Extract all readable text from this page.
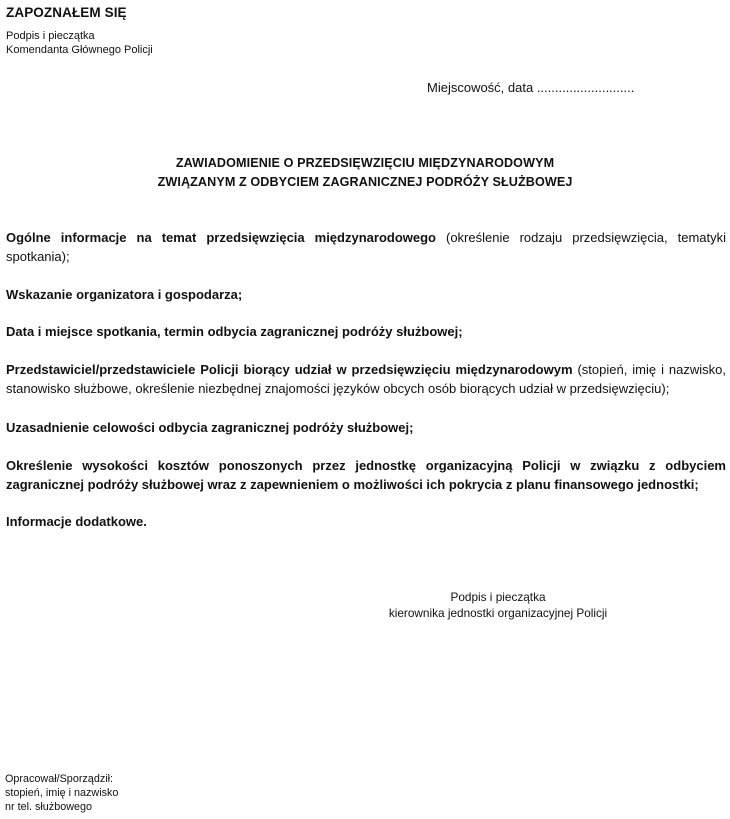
ZAPOZNAŁEM SIĘ
Podpis i pieczątka
Komendanta Głównego Policji
Miejscowość, data ...........................
ZAWIADOMIENIE O PRZEDSIĘWZIĘCIU MIĘDZYNARODOWYM
ZWIĄZANYM Z ODBYCIEM ZAGRANICZNEJ PODRÓŻY SŁUŻBOWEJ
Ogólne informacje na temat przedsięwzięcia międzynarodowego (określenie rodzaju przedsięwzięcia, tematyki spotkania);
Wskazanie organizatora i gospodarza;
Data i miejsce spotkania, termin odbycia zagranicznej podróży służbowej;
Przedstawiciel/przedstawiciele Policji biorący udział w przedsięwzięciu międzynarodowym (stopień, imię i nazwisko, stanowisko służbowe, określenie niezbędnej znajomości języków obcych osób biorących udział w przedsięwzięciu);
Uzasadnienie celowości odbycia zagranicznej podróży służbowej;
Określenie wysokości kosztów ponoszonych przez jednostkę organizacyjną Policji w związku z odbyciem zagranicznej podróży służbowej wraz z zapewnieniem o możliwości ich pokrycia z planu finansowego jednostki;
Informacje dodatkowe.
Podpis i pieczątka
kierownika jednostki organizacyjnej Policji
Opracował/Sporządził:
stopień, imię i nazwisko
nr tel. służbowego
